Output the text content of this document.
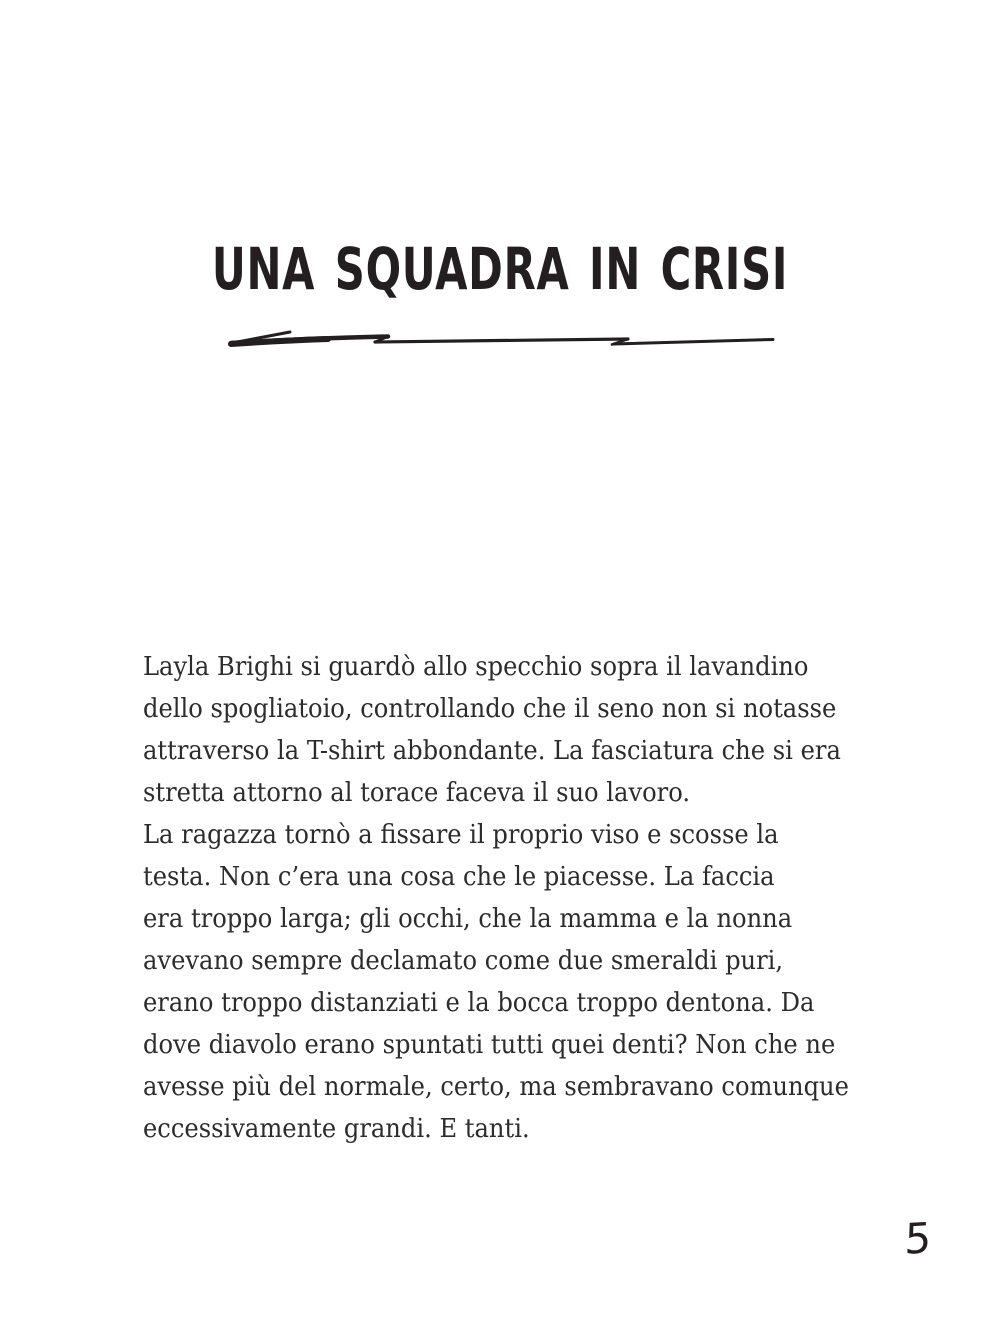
UNA SQUADRA IN CRISI

Layla Brighi si guardò allo specchio sopra il lavandino

dello spogliatoio, controllando che il seno non si notasse

attraverso la T-shirt abbondante. La fasciatura che si era

stretta attorno al torace faceva il suo lavoro.

La ragazza tornò a fissare il proprio viso e scosse la

testa. Non c’era una cosa che le piacesse. La faccia

era troppo larga; gli occhi, che la mamma e la nonna

avevano sempre declamato come due smeraldi puri,

erano troppo distanziati e la bocca troppo dentona. Da

dove diavolo erano spuntati tutti quei denti? Non che ne

avesse più del normale, certo, ma sembravano comunque

eccessivamente grandi. E tanti.

5
